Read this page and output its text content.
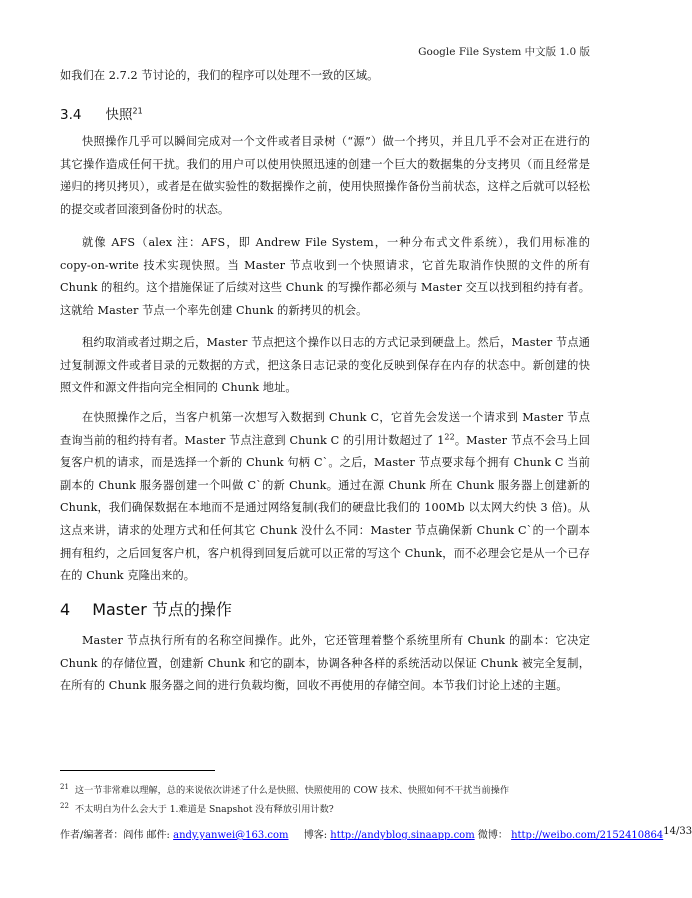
Google File System 中文版 1.0 版
如我们在 2.7.2 节讨论的，我们的程序可以处理不一致的区域。
3.4 快照$^{21}$
快照操作几乎可以瞬间完成对一个文件或者目录树（“源”）做一个拷贝，并且几乎不会对正在进行的其它操作造成任何干扰。我们的用户可以使用快照迅速的创建一个巨大的数据集的分支拷贝（而且经常是递归的拷贝拷贝），或者是在做实验性的数据操作之前，使用快照操作备份当前状态，这样之后就可以轻松的提交或者回滚到备份时的状态。
就像 AFS（alex 注：AFS，即 Andrew File System，一种分布式文件系统），我们用标准的 copy-on-write 技术实现快照。当 Master 节点收到一个快照请求，它首先取消作快照的文件的所有 Chunk 的租约。这个措施保证了后续对这些 Chunk 的写操作都必须与 Master 交互以找到租约持有者。这就给 Master 节点一个率先创建 Chunk 的新拷贝的机会。
租约取消或者过期之后，Master 节点把这个操作以日志的方式记录到硬盘上。然后，Master 节点通过复制源文件或者目录的元数据的方式，把这条日志记录的变化反映到保存在内存的状态中。新创建的快照文件和源文件指向完全相同的 Chunk 地址。
在快照操作之后，当客户机第一次想写入数据到 Chunk C，它首先会发送一个请求到 Master 节点查询当前的租约持有者。Master 节点注意到 Chunk C 的引用计数超过了 $1^{22}$。Master 节点不会马上回复客户机的请求，而是选择一个新的 Chunk 句柄 C`。之后，Master 节点要求每个拥有 Chunk C 当前副本的 Chunk 服务器创建一个叫做 C`的新 Chunk。通过在源 Chunk 所在 Chunk 服务器上创建新的 Chunk，我们确保数据在本地而不是通过网络复制(我们的硬盘比我们的 100Mb 以太网大约快 3 倍)。从这点来讲，请求的处理方式和任何其它 Chunk 没什么不同：Master 节点确保新 Chunk C`的一个副本拥有租约，之后回复客户机，客户机得到回复后就可以正常的写这个 Chunk，而不必理会它是从一个已存在的 Chunk 克隆出来的。
4 Master 节点的操作
Master 节点执行所有的名称空间操作。此外，它还管理着整个系统里所有 Chunk 的副本：它决定 Chunk 的存储位置，创建新 Chunk 和它的副本，协调各种各样的系统活动以保证 Chunk 被完全复制，在所有的 Chunk 服务器之间的进行负载均衡，回收不再使用的存储空间。本节我们讨论上述的主题。
$^{21}$ 这一节非常难以理解，总的来说依次讲述了什么是快照、快照使用的 COW 技术、快照如何不干扰当前操作
$^{22}$ 不太明白为什么会大于 1.难道是 Snapshot 没有释放引用计数?
作者/编著者：阎伟 邮件: andy.yanwei@163.com 博客: http://andyblog.sinaapp.com 微博： http://weibo.com/2152410864 14/33
